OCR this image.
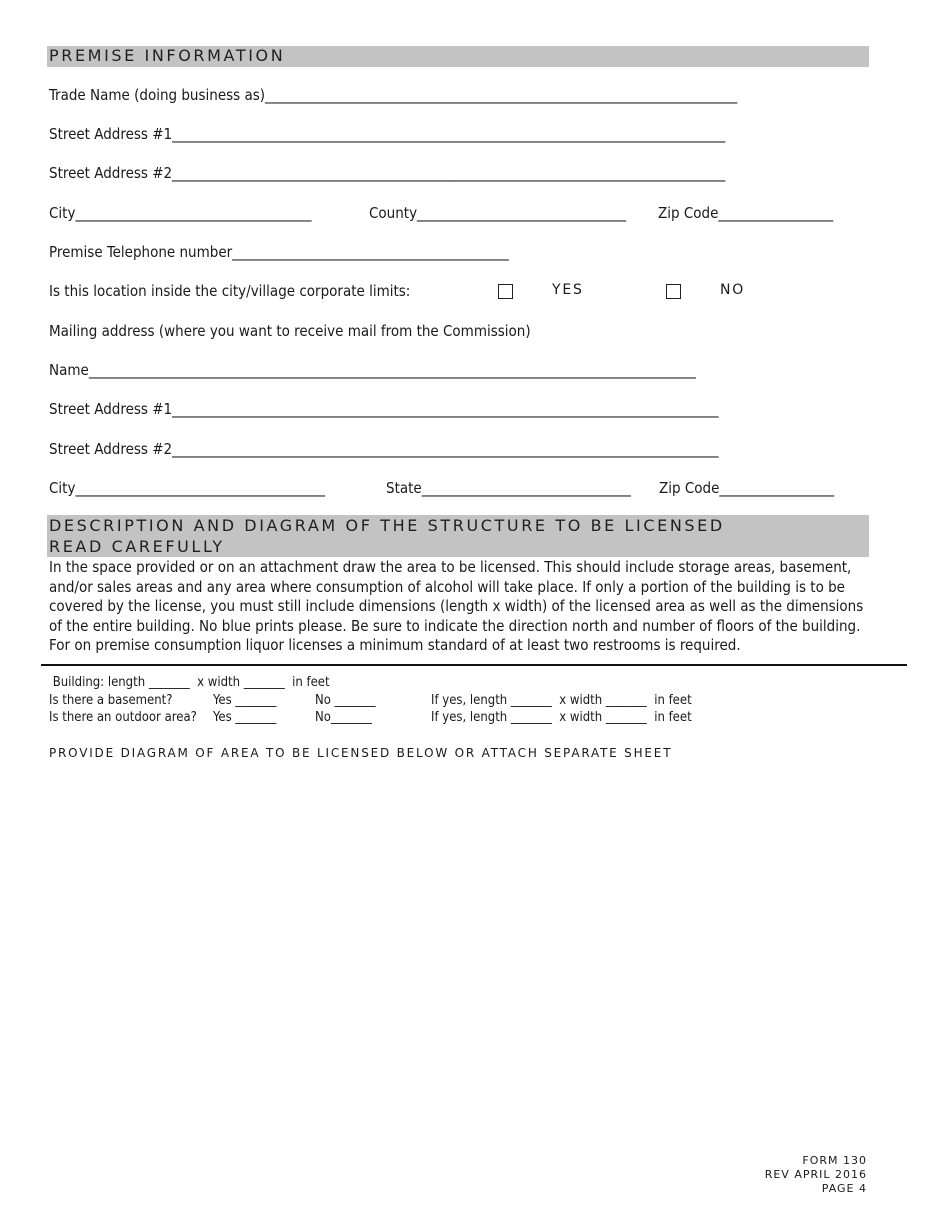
PREMISE INFORMATION
Trade Name (doing business as)______________________________________________________________________
Street Address #1__________________________________________________________________________________
Street Address #2__________________________________________________________________________________
City___________________________________	County_______________________________ Zip Code_________________
Premise Telephone number_________________________________________
Is this location inside the city/village corporate limits:	YES	NO
Mailing address (where you want to receive mail from the Commission)
Name__________________________________________________________________________________________
Street Address #1_________________________________________________________________________________
Street Address #2_________________________________________________________________________________
City_____________________________________	State_______________________________ Zip Code_________________
DESCRIPTION AND DIAGRAM OF THE STRUCTURE TO BE LICENSED
READ CAREFULLY
In the space provided or on an attachment draw the area to be licensed. This should include storage areas, basement, and/or sales areas and any area where consumption of alcohol will take place. If only a portion of the building is to be covered by the license, you must still include dimensions (length x width) of the licensed area as well as the dimensions of the entire building. No blue prints please. Be sure to indicate the direction north and number of floors of the building. For on premise consumption liquor licenses a minimum standard of at least two restrooms is required.
Building: length _______  x width _______  in feet
Is there a basement?	Yes _______	No _______	If yes, length _______  x width _______  in feet
Is there an outdoor area? Yes _______	No_______	If yes, length _______  x width _______  in feet
PROVIDE DIAGRAM OF AREA TO BE LICENSED BELOW OR ATTACH SEPARATE SHEET
FORM 130
REV APRIL 2016
PAGE 4
